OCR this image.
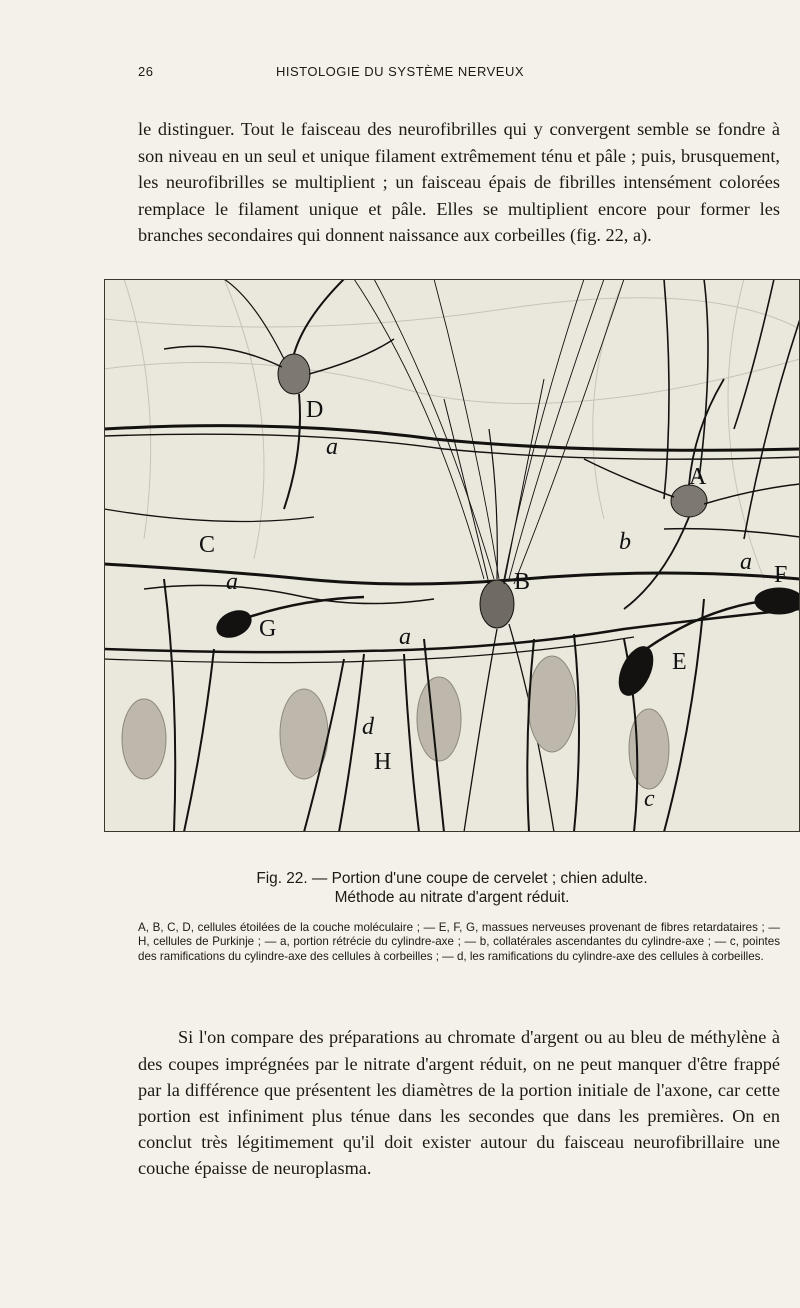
26	HISTOLOGIE DU SYSTÈME NERVEUX

le distinguer. Tout le faisceau des neurofibrilles qui y convergent semble se fondre à son niveau en un seul et unique filament extrêmement ténu et pâle ; puis, brusquement, les neurofibrilles se multiplient ; un faisceau épais de fibrilles intensément colorées remplace le filament unique et pâle. Elles se multiplient encore pour former les branches secondaires qui donnent naissance aux corbeilles (fig. 22, a).

D
a
A
C	b
a
a	B	F
G	a
E
d
H
c
Fig. 22. — Portion d'une coupe de cervelet ; chien adulte.
Méthode au nitrate d'argent réduit.

A, B, C, D, cellules étoilées de la couche moléculaire ; — E, F, G, massues nerveuses provenant de fibres retardataires ; — H, cellules de Purkinje ; — a, portion rétrécie du cylindre-axe ; — b, collatérales ascendantes du cylindre-axe ; — c, pointes des ramifications du cylindre-axe des cellules à corbeilles ; — d, les ramifications du cylindre-axe des cellules à corbeilles.

Si l'on compare des préparations au chromate d'argent ou au bleu de méthylène à des coupes imprégnées par le nitrate d'argent réduit, on ne peut manquer d'être frappé par la différence que présentent les diamètres de la portion initiale de l'axone, car cette portion est infiniment plus ténue dans les secondes que dans les premières. On en conclut très légitimement qu'il doit exister autour du faisceau neurofibrillaire une couche épaisse de neuroplasma.
